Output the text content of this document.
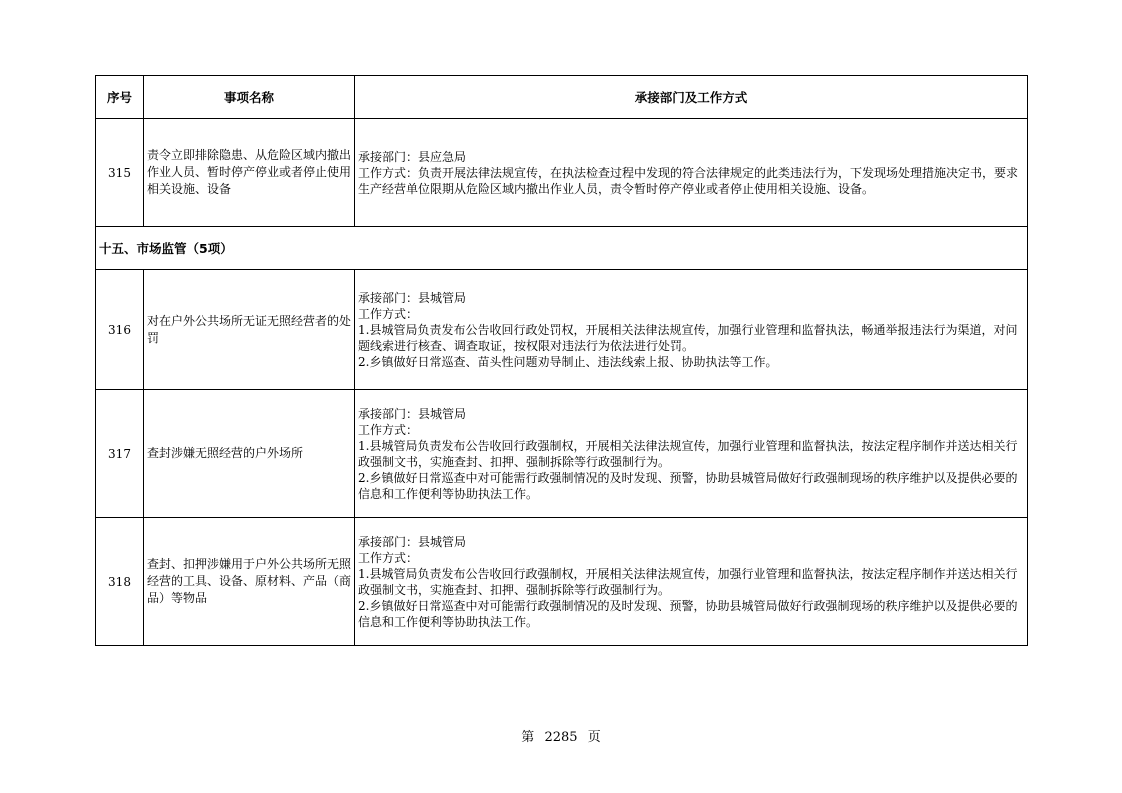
序号	事项名称	承接部门及工作方式
315	责令立即排除隐患、从危险区域内撤出作业人员、暂时停产停业或者停止使用相关设施、设备	承接部门：县应急局
工作方式：负责开展法律法规宣传，在执法检查过程中发现的符合法律规定的此类违法行为，下发现场处理措施决定书，要求生产经营单位限期从危险区域内撤出作业人员，责令暂时停产停业或者停止使用相关设施、设备。

十五、市场监管（5项）		
316	对在户外公共场所无证无照经营者的处罚	承接部门：县城管局
工作方式：
1.县城管局负责发布公告收回行政处罚权，开展相关法律法规宣传，加强行业管理和监督执法，畅通举报违法行为渠道，对问题线索进行核查、调查取证，按权限对违法行为依法进行处罚。
2.乡镇做好日常巡查、苗头性问题劝导制止、违法线索上报、协助执法等工作。

317	查封涉嫌无照经营的户外场所	承接部门：县城管局
工作方式：
1.县城管局负责发布公告收回行政强制权，开展相关法律法规宣传，加强行业管理和监督执法，按法定程序制作并送达相关行政强制文书，实施查封、扣押、强制拆除等行政强制行为。
2.乡镇做好日常巡查中对可能需行政强制情况的及时发现、预警，协助县城管局做好行政强制现场的秩序维护以及提供必要的信息和工作便利等协助执法工作。

318	查封、扣押涉嫌用于户外公共场所无照经营的工具、设备、原材料、产品（商品）等物品	承接部门：县城管局
工作方式：
1.县城管局负责发布公告收回行政强制权，开展相关法律法规宣传，加强行业管理和监督执法，按法定程序制作并送达相关行政强制文书，实施查封、扣押、强制拆除等行政强制行为。
2.乡镇做好日常巡查中对可能需行政强制情况的及时发现、预警，协助县城管局做好行政强制现场的秩序维护以及提供必要的信息和工作便利等协助执法工作。
第 2285 页
